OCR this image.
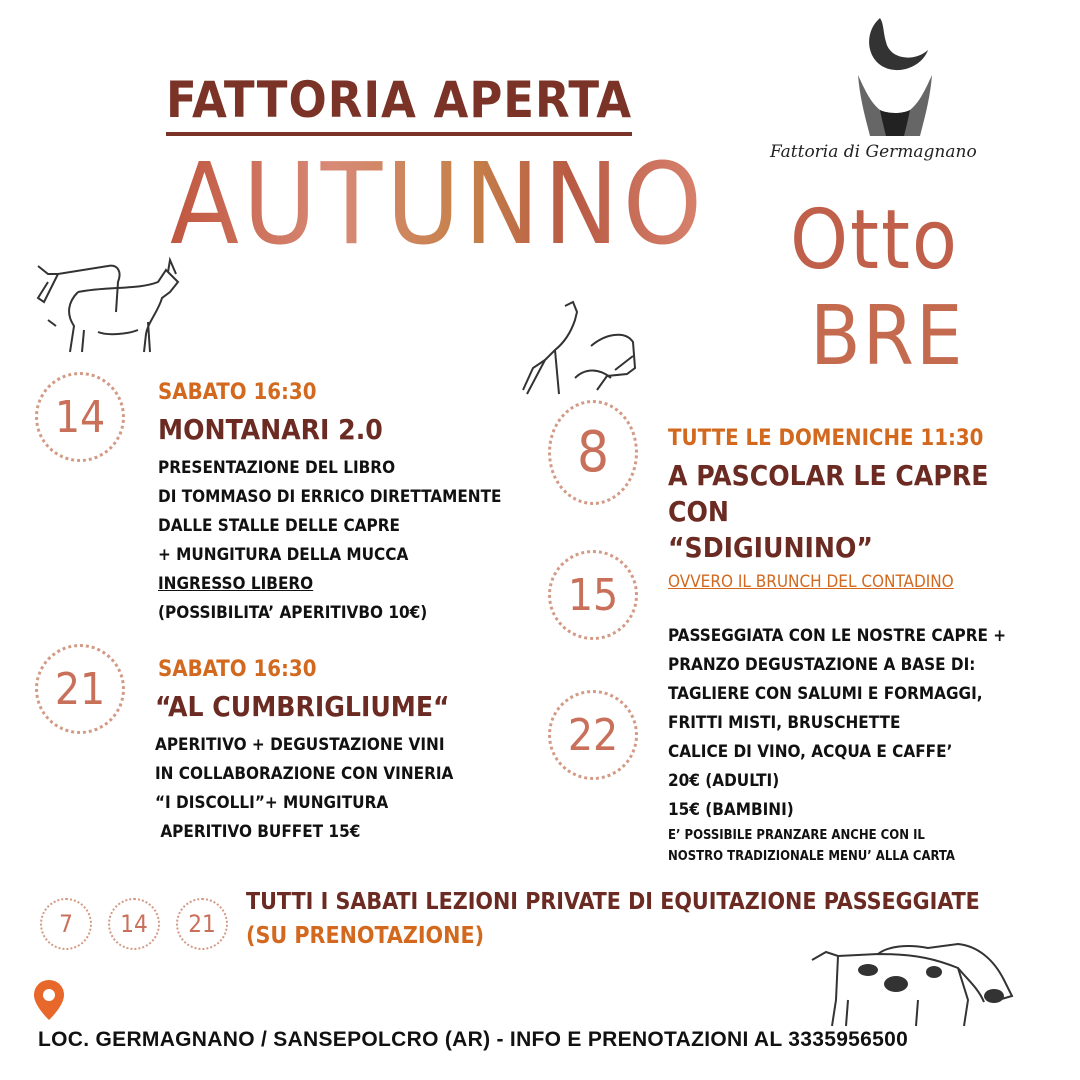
FATTORIA APERTA
AUTUNNO	Fattoria di Germagnano
Otto
BRE
14	SABATO 16:30
MONTANARI 2.0
PRESENTAZIONE DEL LIBRO
DI TOMMASO DI ERRICO DIRETTAMENTE
DALLE STALLE DELLE CAPRE
+ MUNGITURA DELLA MUCCA
INGRESSO LIBERO
(POSSIBILITA’ APERITIVBO 10€)
21	SABATO 16:30
“AL CUMBRIGLIUME“
APERITIVO + DEGUSTAZIONE VINI
IN COLLABORAZIONE CON VINERIA
“I DISCOLLI”+ MUNGITURA
APERITIVO BUFFET 15€
8
15
22
TUTTE LE DOMENICHE 11:30
A PASCOLAR LE CAPRE CON
“SDIGIUNINO”
OVVERO IL BRUNCH DEL CONTADINO
PASSEGGIATA CON LE NOSTRE CAPRE +
PRANZO DEGUSTAZIONE A BASE DI:
TAGLIERE CON SALUMI E FORMAGGI,
FRITTI MISTI, BRUSCHETTE
CALICE DI VINO, ACQUA E CAFFE’
20€ (ADULTI)
15€ (BAMBINI)
E’ POSSIBILE PRANZARE ANCHE CON IL
NOSTRO TRADIZIONALE MENU’ ALLA CARTA
7	14	21
TUTTI I SABATI LEZIONI PRIVATE DI EQUITAZIONE PASSEGGIATE
(SU PRENOTAZIONE)
LOC. GERMAGNANO / SANSEPOLCRO (AR) - INFO E PRENOTAZIONI AL 3335956500
